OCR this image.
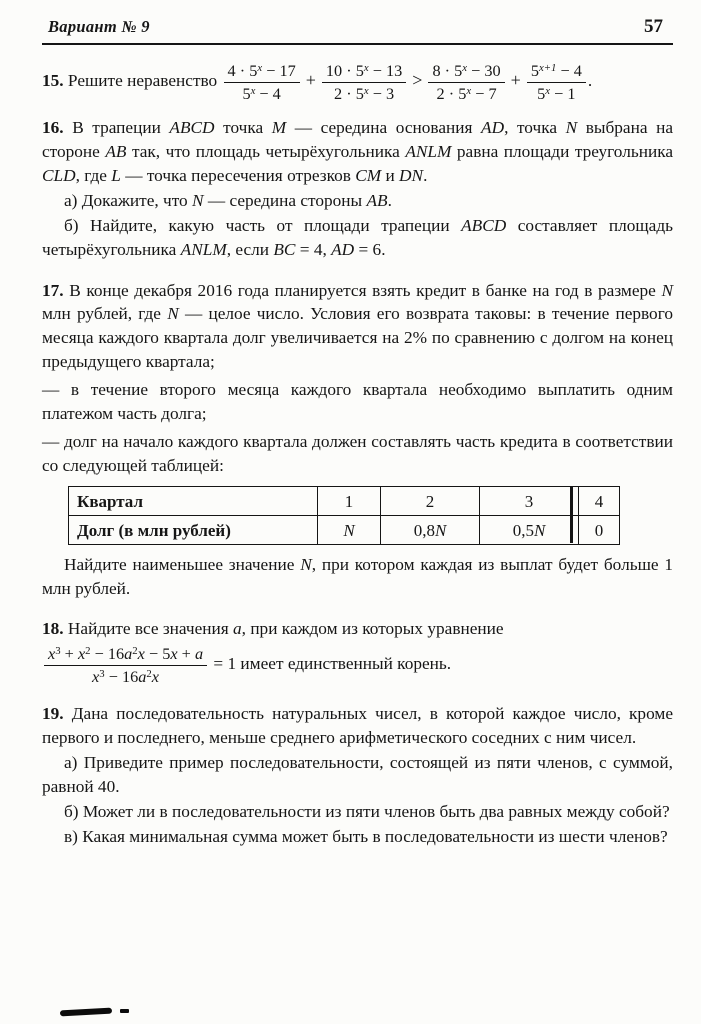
Вариант № 9	57
15. Решите неравенство $\frac{4 \cdot 5^x - 17}{5^x - 4} + \frac{10 \cdot 5^x - 13}{2 \cdot 5^x - 3} > \frac{8 \cdot 5^x - 30}{2 \cdot 5^x - 7} + \frac{5^{x+1} - 4}{5^x - 1}$ .
16. В трапеции ABCD точка M — середина основания AD, точка N выбрана на стороне AB так, что площадь четырёхугольника ANLM равна площади треугольника CLD, где L — точка пересечения отрезков CM и DN.
а) Докажите, что N — середина стороны AB.
б) Найдите, какую часть от площади трапеции ABCD составляет площадь четырёхугольника ANLM, если BC = 4, AD = 6.
17. В конце декабря 2016 года планируется взять кредит в банке на год в размере N млн рублей, где N — целое число. Условия его возврата таковы: в течение первого месяца каждого квартала долг увеличивается на 2% по сравнению с долгом на конец предыдущего квартала;
— в течение второго месяца каждого квартала необходимо выплатить одним платежом часть долга;
— долг на начало каждого квартала должен составлять часть кредита в соответствии со следующей таблицей:
Квартал	1	2	3	4
Долг (в млн рублей)	N	0,8N	0,5N	0
Найдите наименьшее значение N, при котором каждая из выплат будет больше 1 млн рублей.
18. Найдите все значения a, при каждом из которых уравнение
$\frac{x^3 + x^2 - 16a^2x - 5x + a}{x^3 - 16a^2x} = 1$ имеет единственный корень.
19. Дана последовательность натуральных чисел, в которой каждое число, кроме первого и последнего, меньше среднего арифметического соседних с ним чисел.
а) Приведите пример последовательности, состоящей из пяти членов, с суммой, равной 40.
б) Может ли в последовательности из пяти членов быть два равных между собой?
в) Какая минимальная сумма может быть в последовательности из шести членов?
